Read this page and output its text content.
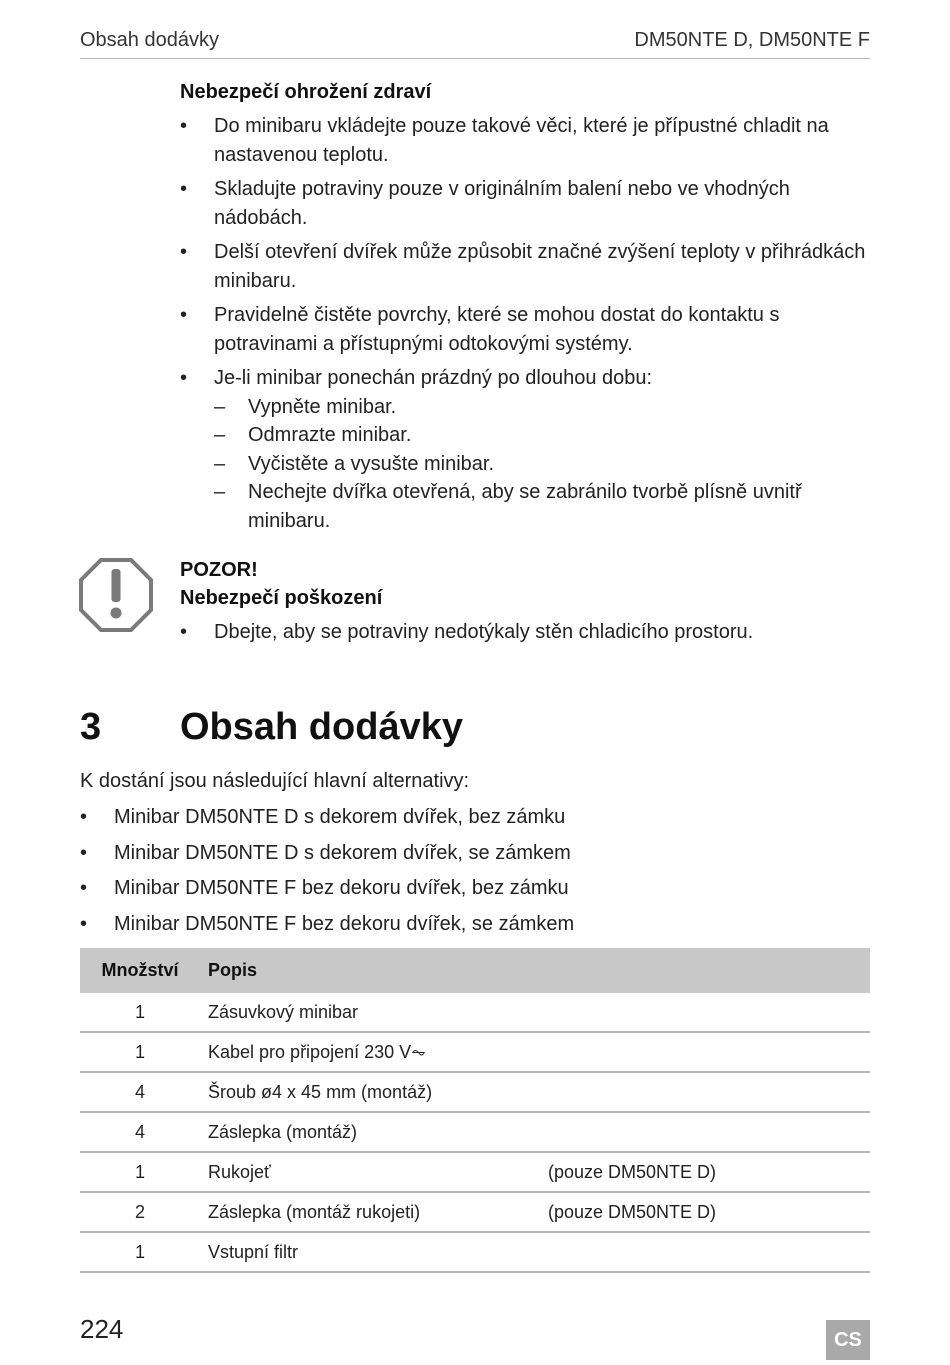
Obsah dodávky	DM50NTE D, DM50NTE F
Nebezpečí ohrožení zdraví
• Do minibaru vkládejte pouze takové věci, které je přípustné chladit na nastavenou teplotu.
• Skladujte potraviny pouze v originálním balení nebo ve vhodných nádobách.
• Delší otevření dvířek může způsobit značné zvýšení teploty v přihrádkách minibaru.
• Pravidelně čistěte povrchy, které se mohou dostat do kontaktu s potravinami a přístupnými odtokovými systémy.
• Je-li minibar ponechán prázdný po dlouhou dobu:
– Vypněte minibar.
– Odmrazte minibar.
– Vyčistěte a vysušte minibar.
– Nechejte dvířka otevřená, aby se zabránilo tvorbě plísně uvnitř minibaru.
POZOR!
Nebezpečí poškození
• Dbejte, aby se potraviny nedotýkaly stěn chladicího prostoru.
3 Obsah dodávky
K dostání jsou následující hlavní alternativy:
• Minibar DM50NTE D s dekorem dvířek, bez zámku
• Minibar DM50NTE D s dekorem dvířek, se zámkem
• Minibar DM50NTE F bez dekoru dvířek, bez zámku
• Minibar DM50NTE F bez dekoru dvířek, se zámkem
Množství	Popis	
1	Zásuvkový minibar	
1	Kabel pro připojení 230 V⏦	
4	Šroub ø4 x 45 mm (montáž)	
4	Záslepka (montáž)	
1	Rukojeť	(pouze DM50NTE D)
2	Záslepka (montáž rukojeti)	(pouze DM50NTE D)
1	Vstupní filtr	
224	CS
